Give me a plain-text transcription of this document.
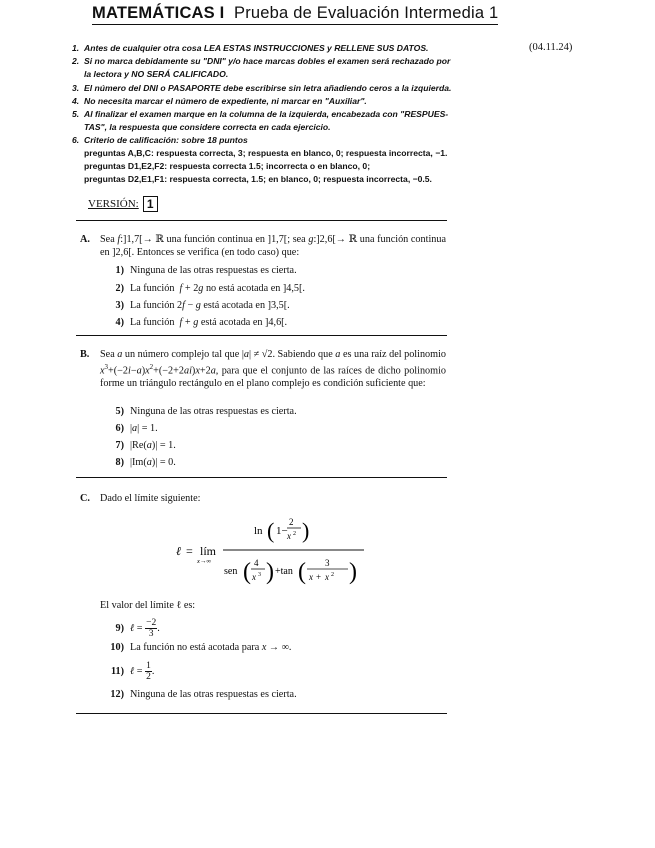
MATEMÁTICAS I Prueba de Evaluación Intermedia 1
(04.11.24)
1. Antes de cualquier otra cosa LEA ESTAS INSTRUCCIONES y RELLENE SUS DATOS.
2. Si no marca debidamente su "DNI" y/o hace marcas dobles el examen será rechazado por la lectora y NO SERÁ CALIFICADO.
3. El número del DNI o PASAPORTE debe escribirse sin letra añadiendo ceros a la izquierda.
4. No necesita marcar el número de expediente, ni marcar en "Auxiliar".
5. Al finalizar el examen marque en la columna de la izquierda, encabezada con "RESPUES-TAS", la respuesta que considere correcta en cada ejercicio.
6. Criterio de calificación: sobre 18 puntos
preguntas A,B,C: respuesta correcta, 3; respuesta en blanco, 0; respuesta incorrecta, −1.
preguntas D1,E2,F2: respuesta correcta 1.5; incorrecta o en blanco, 0;
preguntas D2,E1,F1: respuesta correcta, 1.5; en blanco, 0; respuesta incorrecta, −0.5.
VERSIÓN: 1
A. Sea f:]1,7[→ ℝ una función continua en ]1,7[; sea g:]2,6[→ ℝ una función continua en ]2,6[. Entonces se verifica (en todo caso) que:
1) Ninguna de las otras respuestas es cierta.
2) La función  f + 2g no está acotada en ]4,5[.
3) La función 2f − g está acotada en ]3,5[.
4) La función  f + g está acotada en ]4,6[.
B. Sea a un número complejo tal que |a| ≠ √2. Sabiendo que a es una raíz del polinomio $x^3+(-2i-a)x^2+(-2+2ai)x+2a$, para que el conjunto de las raíces de dicho polinomio forme un triángulo rectángulo en el plano complejo es condición suficiente que:
5) Ninguna de las otras respuestas es cierta.
6) |a| = 1.
7) |Re(a)| = 1.
8) |Im(a)| = 0.
C. Dado el límite siguiente:
ℓ = lím
x→∞
ln ( 1−
2
x 2 )
sen ( 4
x 3 ) +tan ( 3
x + x 2 )
El valor del límite ℓ es:
9) ℓ = −2
3 .
10) La función no está acotada para x → ∞.
11) ℓ = 1
2 .
12) Ninguna de las otras respuestas es cierta.
